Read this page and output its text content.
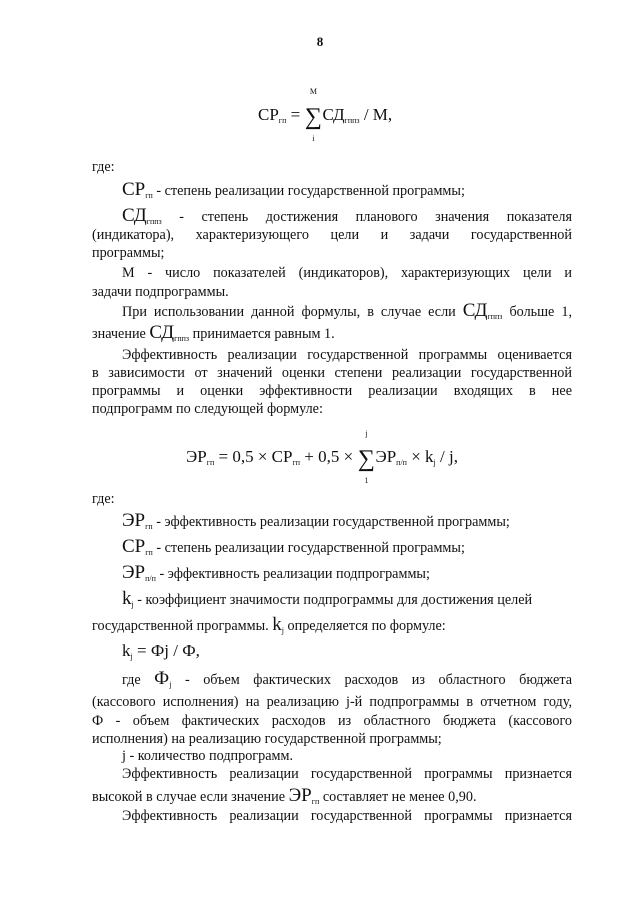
8
$СР_{гп}$ = ∑
M
i
$СД_{гппз}$ / M,
где:
$СР_{гп}$ - степень реализации государственной программы;
$СД_{гппз}$ - степень достижения планового значения показателя
(индикатора), характеризующего цели и задачи государственной
программы;
М - число показателей (индикаторов), характеризующих цели и
задачи подпрограммы.
При использовании данной формулы, в случае если $СД_{гппз}$ больше 1,
значение $СД_{гппз}$ принимается равным 1.
Эффективность реализации государственной программы оценивается
в зависимости от значений оценки степени реализации государственной
программы и оценки эффективности реализации входящих в нее
подпрограмм по следующей формуле:
где:
$ЭР_{гп}$ - эффективность реализации государственной программы;
$СР_{гп}$ - степень реализации государственной программы;
$ЭР_{п/п}$ - эффективность реализации подпрограммы;
$k_j$ - коэффициент значимости подпрограммы для достижения целей
государственной программы. $k_j$ определяется по формуле:
$k_j$ = Фj / Ф,
где $Ф_j$ - объем фактических расходов из областного бюджета
(кассового исполнения) на реализацию j-й подпрограммы в отчетном году,
Ф - объем фактических расходов из областного бюджета (кассового
исполнения) на реализацию государственной программы;
j - количество подпрограмм.
Эффективность реализации государственной программы признается
высокой в случае если значение $ЭР_{гп}$ составляет не менее 0,90.
Эффективность реализации государственной программы признается
$ЭР_{гп} = 0,5 \times СР_{гп} + 0,5$ × ∑
j
1
$ЭР_{п/п} \times k_j / j$,
